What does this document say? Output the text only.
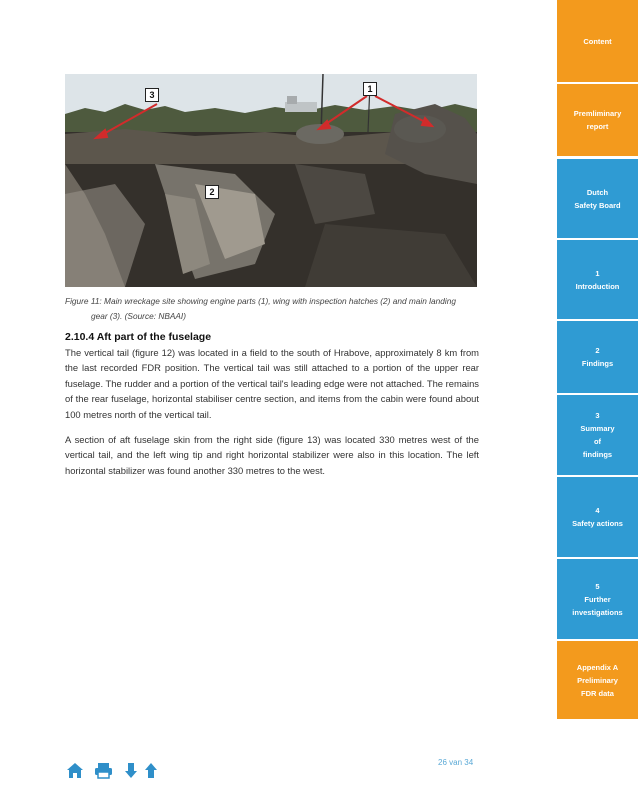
3
1
2
Figure 11: Main wreckage site showing engine parts (1), wing with inspection hatches (2) and main landing
gear (3). (Source: NBAAI)
2.10.4 Aft part of the fuselage
The vertical tail (figure 12) was located in a field to the south of Hrabove, approximately 8 km from the last recorded FDR position. The vertical tail was still attached to a portion of the upper rear fuselage. The rudder and a portion of the vertical tail's leading edge were not attached. The remains of the rear fuselage, horizontal stabiliser centre section, and items from the cabin were found about 100 metres north of the vertical tail.
A section of aft fuselage skin from the right side (figure 13) was located 330 metres west of the vertical tail, and the left wing tip and right horizontal stabilizer were also in this location. The left horizontal stabilizer was found another 330 metres to the west.
26 van 34
Content
Premliminary
report
Dutch
Safety Board
1
Introduction
2
Findings
3
Summary
of
findings
4
Safety actions
5
Further
investigations
Appendix A
Preliminary
FDR data
